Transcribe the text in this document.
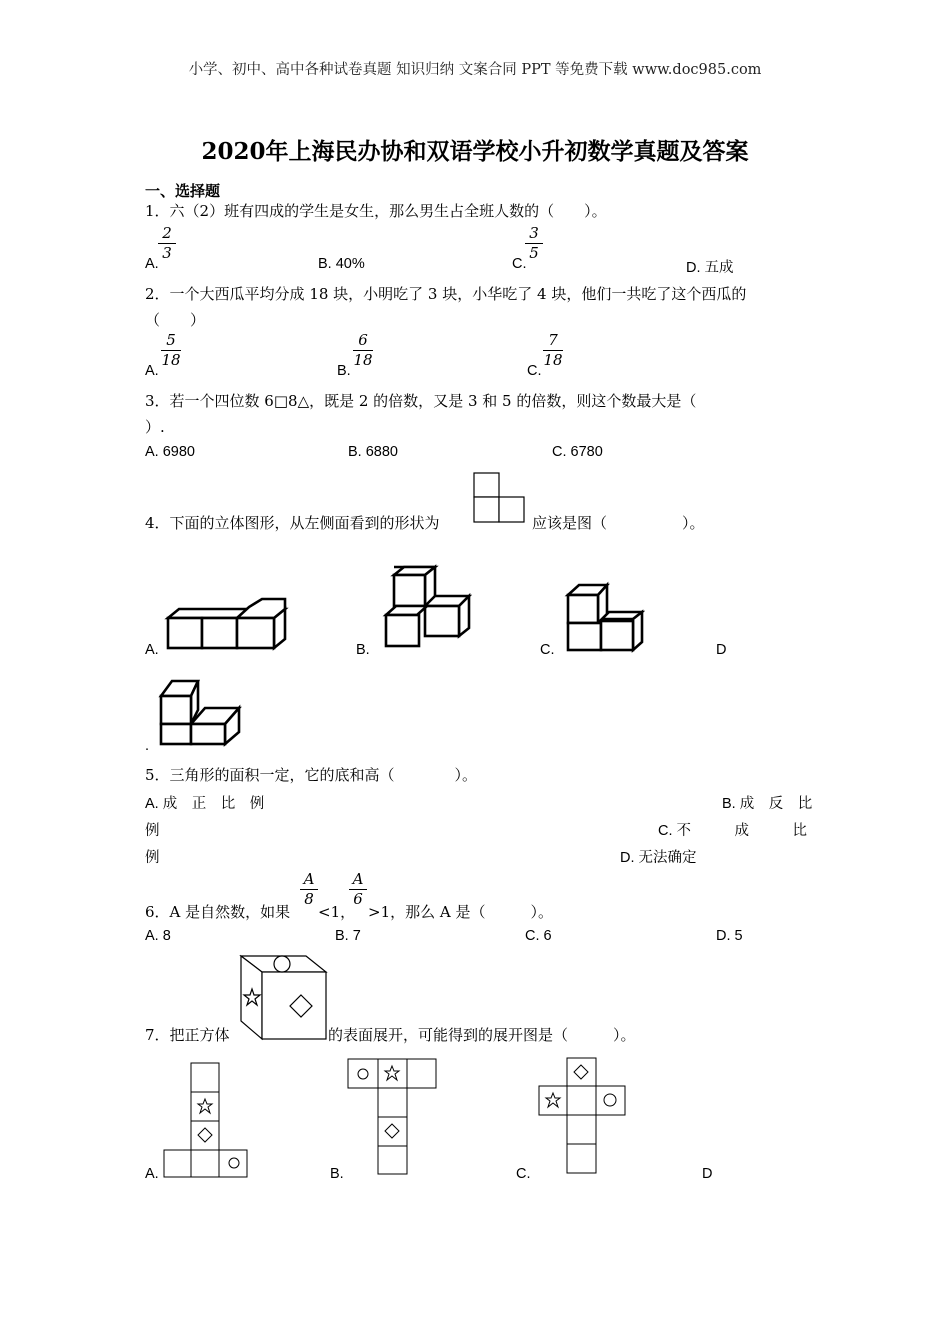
小学、初中、高中各种试卷真题 知识归纳 文案合同 PPT 等免费下载 www.doc985.com
2020年上海民办协和双语学校小升初数学真题及答案
一、选择题
1．六（2）班有四成的学生是女生，那么男生占全班人数的（　　）。
A.
2
3
B. 40%	C.
3
5
D. 五成
2．一个大西瓜平均分成 18 块，小明吃了 3 块，小华吃了 4 块，他们一共吃了这个西瓜的
（　　）
A.
5
18
B.
6
18
C.
7
18
3．若一个四位数 6□8△，既是 2 的倍数，又是 3 和 5 的倍数，则这个数最大是（
）.
A. 6980	B. 6880	C. 6780
4．下面的立体图形，从左侧面看到的形状为	应该是图（　　　　　）。
A.	B.	C.	D
.
5．三角形的面积一定，它的底和高（　　　　）。
A. 成　正　比　例	B. 成　反　比
例	C. 不　　　成　　　比
例	D. 无法确定
6．A 是自然数，如果
A
8
<1，
A
6
>1，那么 A 是（　　　）。
A. 8	B. 7	C. 6	D. 5
7．把正方体	的表面展开，可能得到的展开图是（　　　）。
A.	B.	C.	D
